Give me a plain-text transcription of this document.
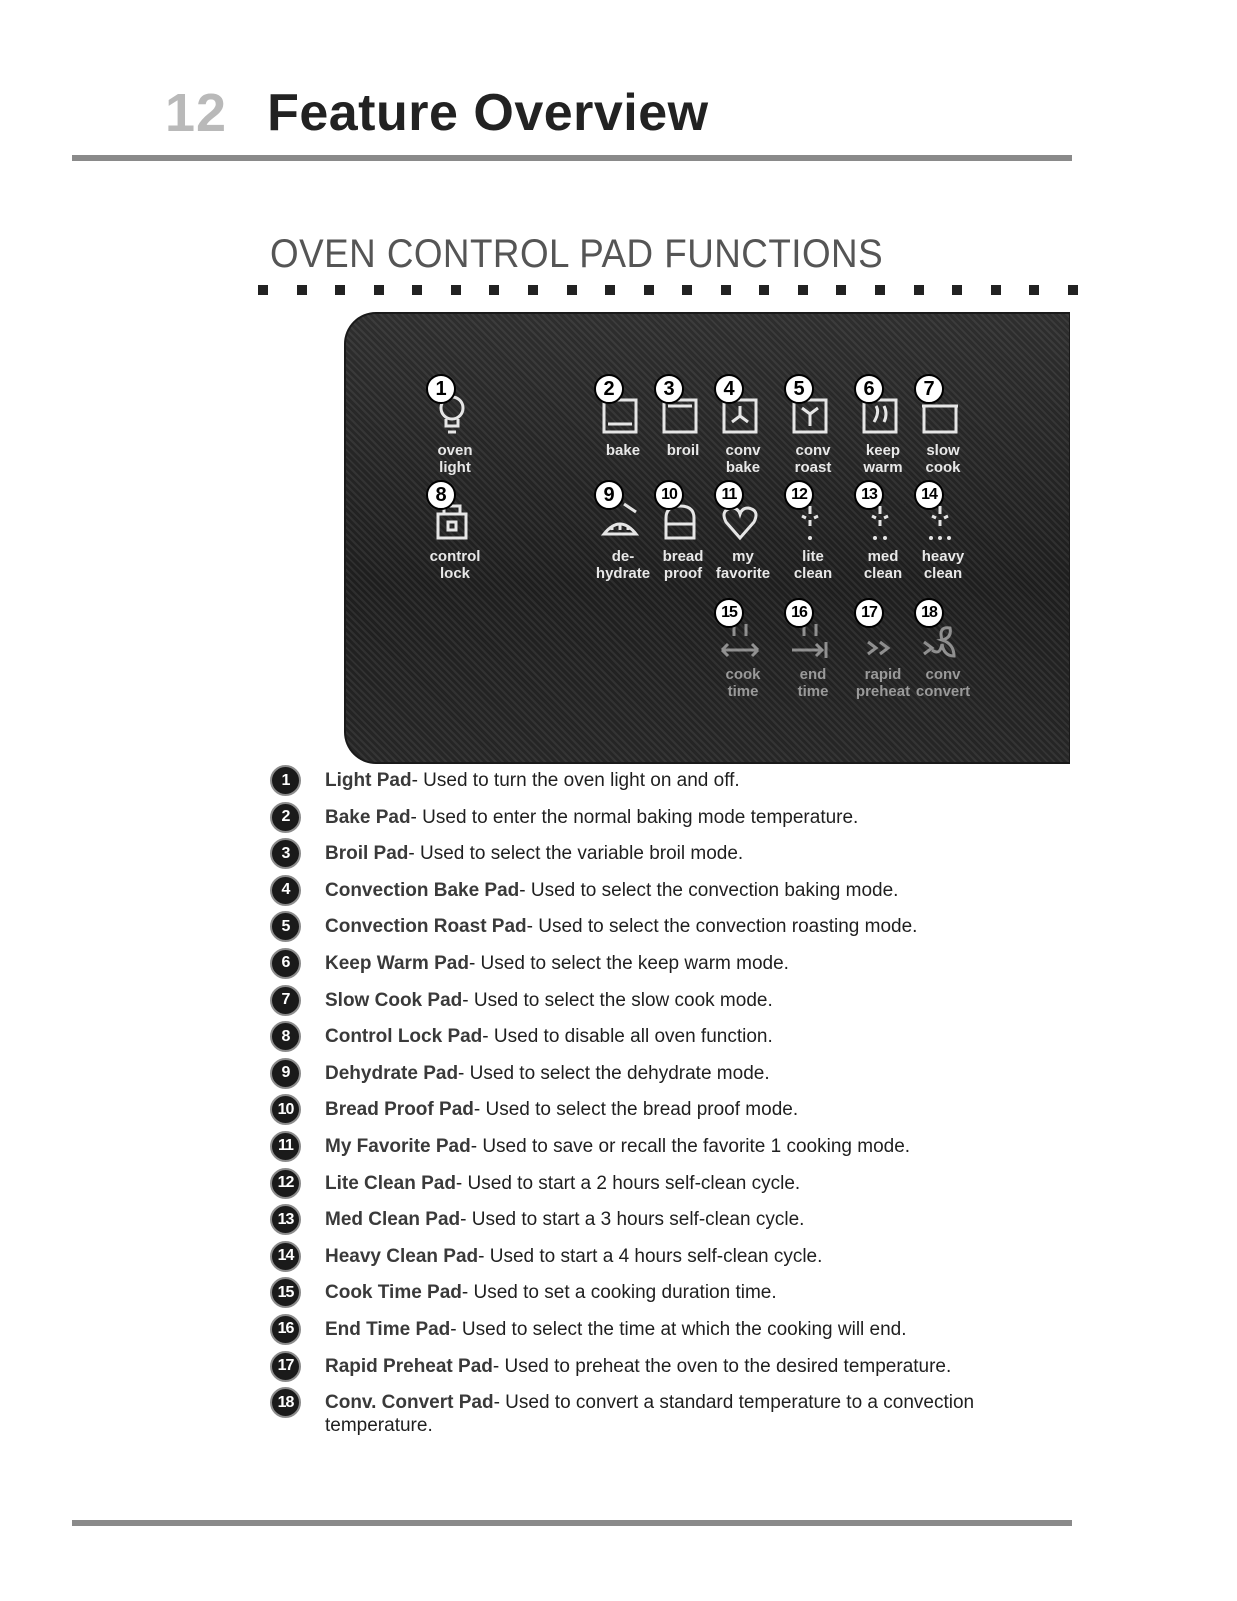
12 Feature Overview
OVEN CONTROL PAD FUNCTIONS
1
oven
light
2
bake
3
broil
4
conv
bake
5
conv
roast
6
keep
warm
7
slow
cook
8
control
lock
9
de-
hydrate
10
bread
proof
11
my
favorite
12
lite
clean
13
med
clean
14
heavy
clean
15
cook
time
16
end
time
17
rapid
preheat
18
conv
convert
1	Light Pad- Used to turn the oven light on and off.
2	Bake Pad- Used to enter the normal baking mode temperature.
3	Broil Pad- Used to select the variable broil mode.
4	Convection Bake Pad- Used to select the convection baking mode.
5	Convection Roast Pad- Used to select the convection roasting mode.
6	Keep Warm Pad- Used to select the keep warm mode.
7	Slow Cook Pad- Used to select the slow cook mode.
8	Control Lock Pad- Used to disable all oven function.
9	Dehydrate Pad- Used to select the dehydrate mode.
10	Bread Proof Pad- Used to select the bread proof mode.
11	My Favorite Pad- Used to save or recall the favorite 1 cooking mode.
12	Lite Clean Pad- Used to start a 2 hours self-clean cycle.
13	Med Clean Pad- Used to start a 3 hours self-clean cycle.
14	Heavy Clean Pad- Used to start a 4 hours self-clean cycle.
15	Cook Time Pad- Used to set a cooking duration time.
16	End Time Pad- Used to select the time at which the cooking will end.
17	Rapid Preheat Pad- Used to preheat the oven to the desired temperature.
18	Conv. Convert Pad- Used to convert a standard temperature to a convection temperature.
